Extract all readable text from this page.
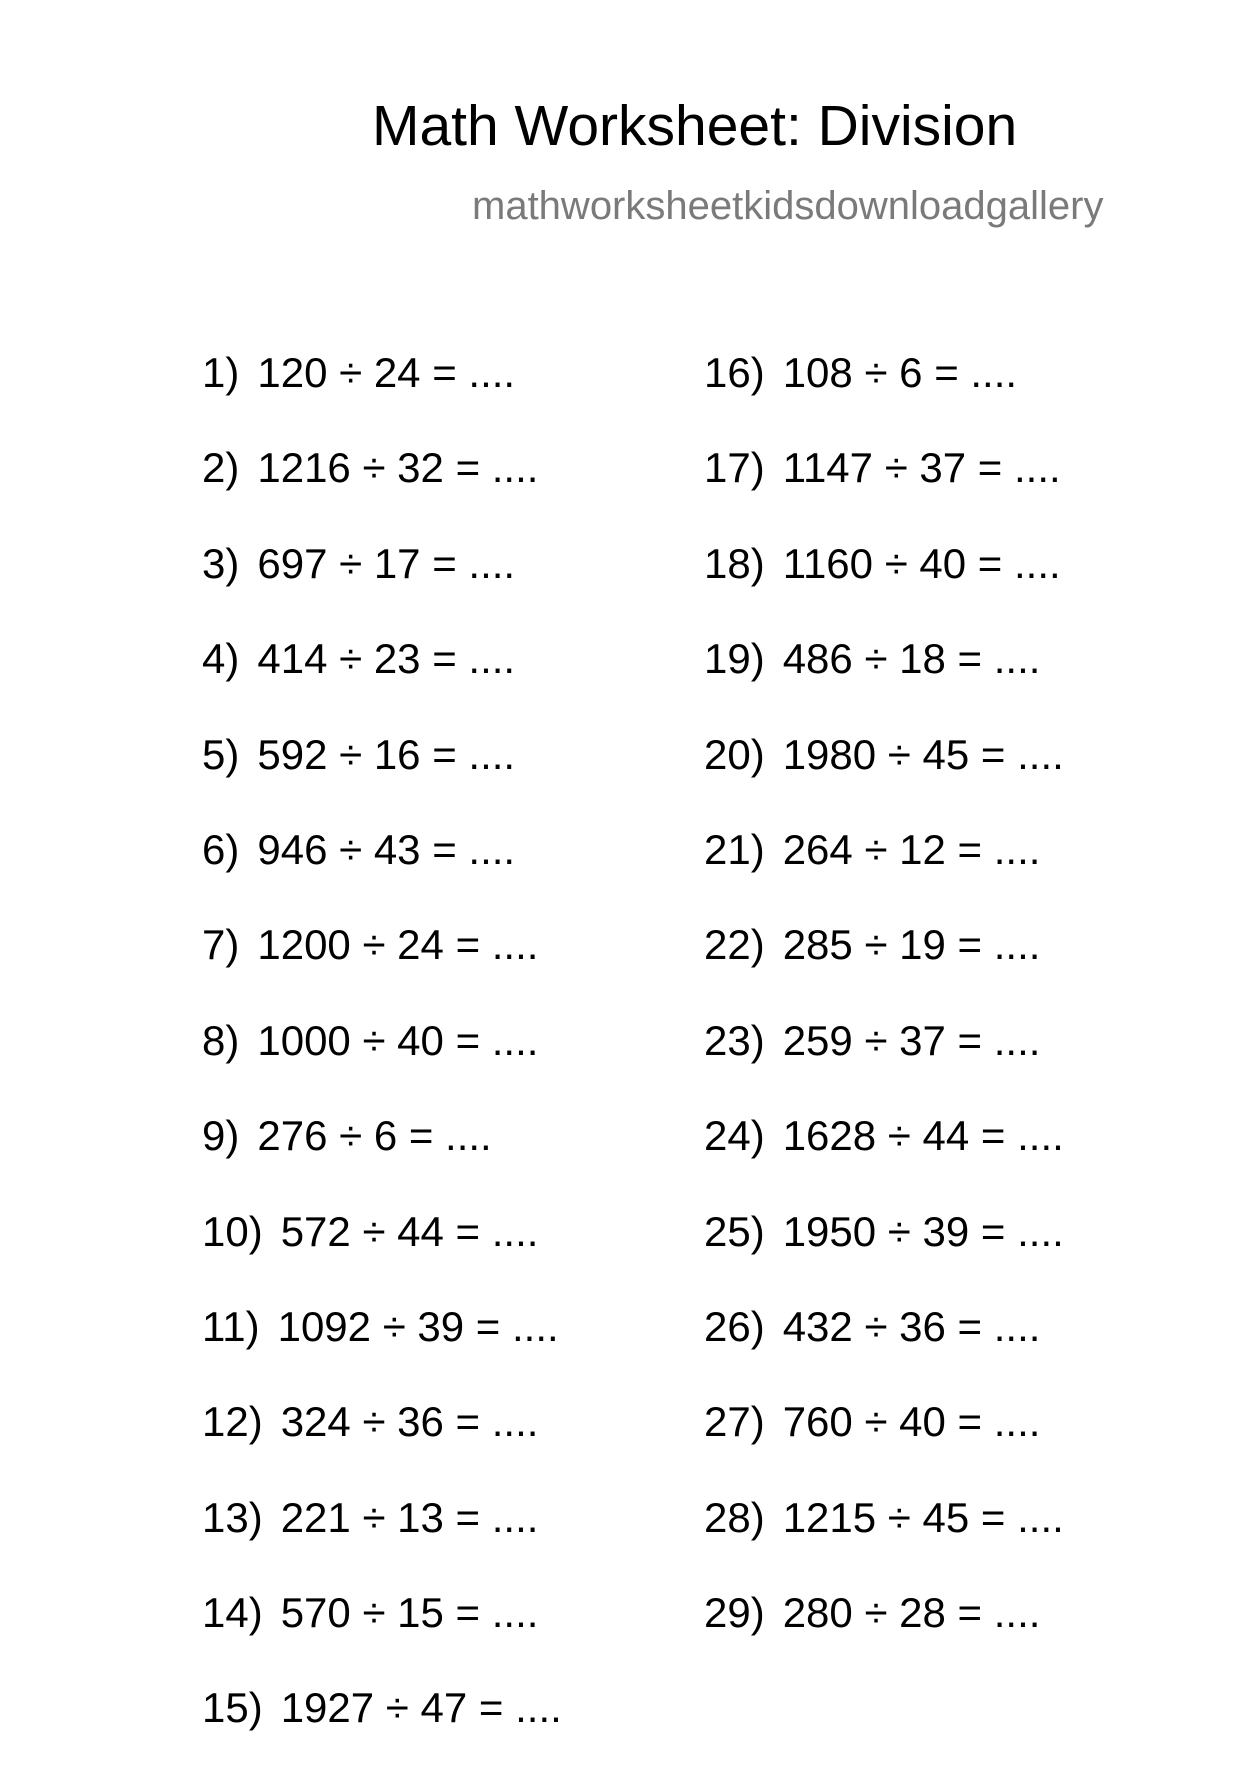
Math Worksheet: Division
mathworksheetkidsdownloadgallery
1) 120 ÷ 24 = ....
2) 1216 ÷ 32 = ....
3) 697 ÷ 17 = ....
4) 414 ÷ 23 = ....
5) 592 ÷ 16 = ....
6) 946 ÷ 43 = ....
7) 1200 ÷ 24 = ....
8) 1000 ÷ 40 = ....
9) 276 ÷ 6 = ....
10) 572 ÷ 44 = ....
11) 1092 ÷ 39 = ....
12) 324 ÷ 36 = ....
13) 221 ÷ 13 = ....
14) 570 ÷ 15 = ....
15) 1927 ÷ 47 = ....
16) 108 ÷ 6 = ....
17) 1147 ÷ 37 = ....
18) 1160 ÷ 40 = ....
19) 486 ÷ 18 = ....
20) 1980 ÷ 45 = ....
21) 264 ÷ 12 = ....
22) 285 ÷ 19 = ....
23) 259 ÷ 37 = ....
24) 1628 ÷ 44 = ....
25) 1950 ÷ 39 = ....
26) 432 ÷ 36 = ....
27) 760 ÷ 40 = ....
28) 1215 ÷ 45 = ....
29) 280 ÷ 28 = ....
